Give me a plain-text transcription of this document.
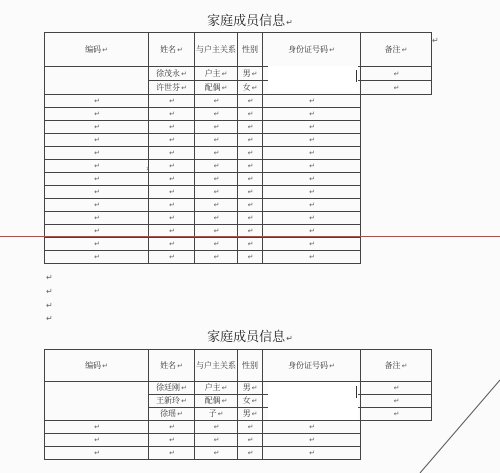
家庭成员信息↵
编码↵	姓名↵	与户主关系	性别	身份证号码↵	备注↵
	徐茂永↵	户主↵	男↵		↵
	许世芬↵	配偶↵	女↵		↵
↵	↵	↵	↵	↵	
↵	↵	↵	↵	↵	
↵	↵	↵	↵	↵	
↵	↵	↵	↵	↵	
↵	↵	↵	↵	↵	
↵	↵	↵	↵	↵	
↵	↵	↵	↵	↵	
↵	↵	↵	↵	↵	
↵	↵	↵	↵	↵	
↵	↵	↵	↵	↵	
↵	↵	↵	↵	↵	
↵	↵	↵	↵	↵	
↵	↵	↵	↵	↵	
›
↵
↵
↵
↵
↵
家庭成员信息↵
编码↵	姓名↵	与户主关系	性别	身份证号码↵	备注↵
	徐廷刚↵	户主↵	男↵		↵
	王新玲↵	配偶↵	女↵		↵
	徐瑶↵	子↵	男↵		↵
↵	↵	↵	↵	↵	
↵	↵	↵	↵	↵	
↵	↵	↵	↵	↵	
